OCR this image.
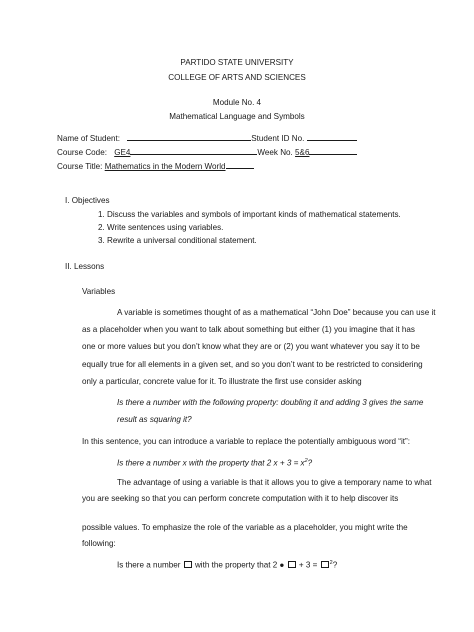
PARTIDO STATE UNIVERSITY
COLLEGE OF ARTS AND SCIENCES
Module No. 4
Mathematical Language and Symbols
Name of Student:	Student ID No.
Course Code: GE4	Week No. 5&6
Course Title: Mathematics in the Modern World
I. Objectives
1. Discuss the variables and symbols of important kinds of mathematical statements.
2. Write sentences using variables.
3. Rewrite a universal conditional statement.
II. Lessons
Variables
A variable is sometimes thought of as a mathematical “John Doe” because you can use it
as a placeholder when you want to talk about something but either (1) you imagine that it has
one or more values but you don’t know what they are or (2) you want whatever you say it to be
equally true for all elements in a given set, and so you don’t want to be restricted to considering
only a particular, concrete value for it. To illustrate the first use consider asking
Is there a number with the following property: doubling it and adding 3 gives the same
result as squaring it?
In this sentence, you can introduce a variable to replace the potentially ambiguous word “it”:
Is there a number x with the property that 2 $x + 3 = x^2$?
The advantage of using a variable is that it allows you to give a temporary name to what
you are seeking so that you can perform concrete computation with it to help discover its
possible values. To emphasize the role of the variable as a placeholder, you might write the
following:
Is there a number with the property that 2 ● + 3 = $^2$?
